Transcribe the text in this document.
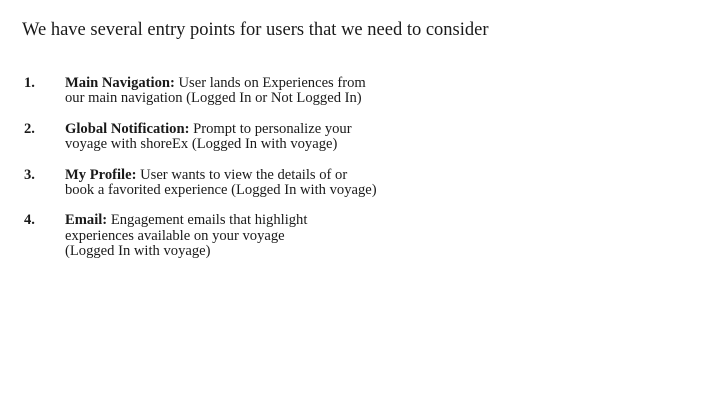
We have several entry points for users that we need to consider
1. Main Navigation: User lands on Experiences from
our main navigation (Logged In or Not Logged In)
2. Global Notification: Prompt to personalize your
voyage with shoreEx (Logged In with voyage)
3. My Profile: User wants to view the details of or
book a favorited experience (Logged In with voyage)
4. Email: Engagement emails that highlight
experiences available on your voyage
(Logged In with voyage)
